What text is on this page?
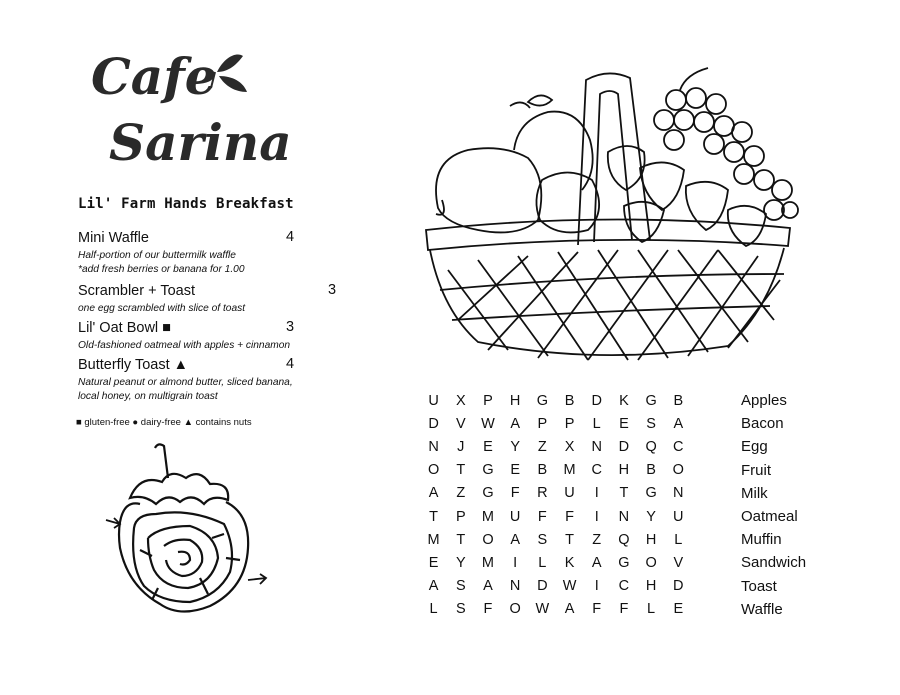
Cafe
Sarina
Lil' Farm Hands Breakfast
Mini Waffle	4
Half-portion of our buttermilk waffle
*add fresh berries or banana for 1.00
Scrambler + Toast	3
one egg scrambled with slice of toast
Lil' Oat Bowl ■	3
Old-fashioned oatmeal with apples + cinnamon
Butterfly Toast ▲	4
Natural peanut or almond butter, sliced banana,
local honey, on multigrain toast
■ gluten-free ● dairy-free ▲ contains nuts
U	X	P	H	G	B	D	K	G	B
D	V	W	A	P	P	L	E	S	A
N	J	E	Y	Z	X	N	D	Q	C
O	T	G	E	B	M	C	H	B	O
A	Z	G	F	R	U	I	T	G	N
T	P	M	U	F	F	I	N	Y	U
M	T	O	A	S	T	Z	Q	H	L
E	Y	M	I	L	K	A	G	O	V
A	S	A	N	D	W	I	C	H	D
L	S	F	O	W	A	F	F	L	E
Apples
Bacon
Egg
Fruit
Milk
Oatmeal
Muffin
Sandwich
Toast
Waffle
